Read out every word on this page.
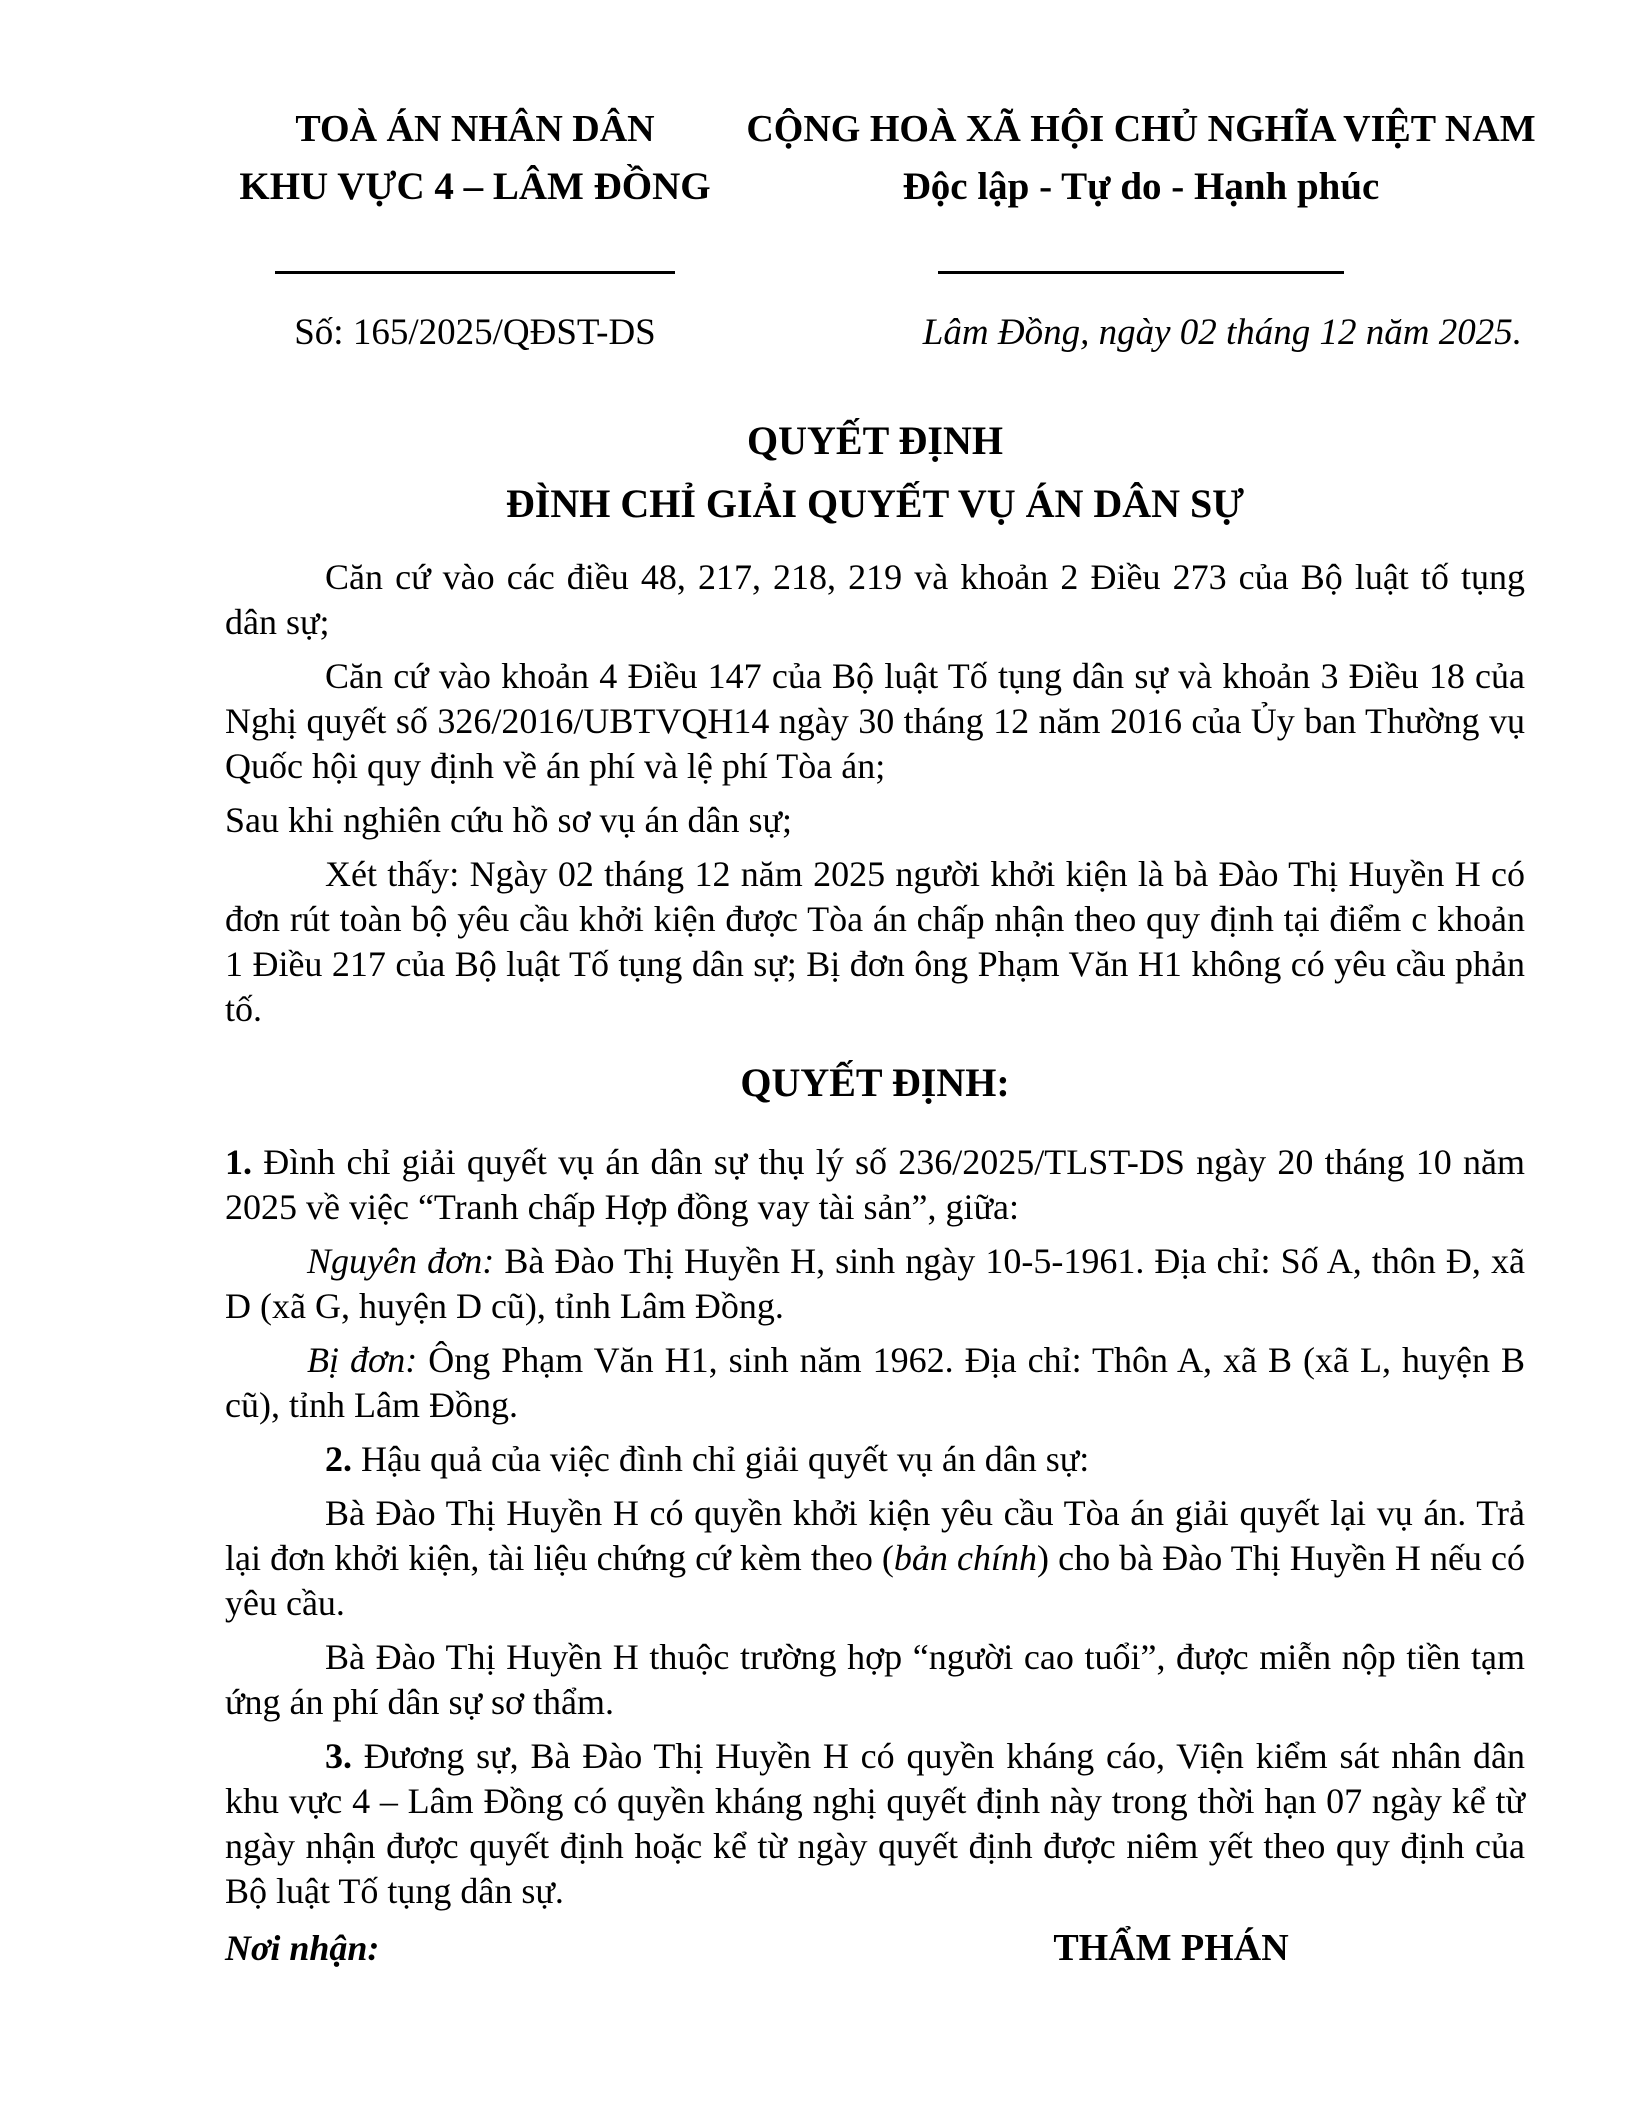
TOÀ ÁN NHÂN DÂN
KHU VỰC 4 – LÂM ĐỒNG
CỘNG HOÀ XÃ HỘI CHỦ NGHĨA VIỆT NAM
Độc lập - Tự do - Hạnh phúc
Số: 165/2025/QĐST-DS	Lâm Đồng, ngày 02 tháng 12 năm 2025.
QUYẾT ĐỊNH
ĐÌNH CHỈ GIẢI QUYẾT VỤ ÁN DÂN SỰ

Căn cứ vào các điều 48, 217, 218, 219 và khoản 2 Điều 273 của Bộ luật tố tụng dân sự;

Căn cứ vào khoản 4 Điều 147 của Bộ luật Tố tụng dân sự và khoản 3 Điều 18 của Nghị quyết số 326/2016/UBTVQH14 ngày 30 tháng 12 năm 2016 của Ủy ban Thường vụ Quốc hội quy định về án phí và lệ phí Tòa án;

Sau khi nghiên cứu hồ sơ vụ án dân sự;

Xét thấy: Ngày 02 tháng 12 năm 2025 người khởi kiện là bà Đào Thị Huyền H có đơn rút toàn bộ yêu cầu khởi kiện được Tòa án chấp nhận theo quy định tại điểm c khoản 1 Điều 217 của Bộ luật Tố tụng dân sự; Bị đơn ông Phạm Văn H1 không có yêu cầu phản tố.

QUYẾT ĐỊNH:

1. Đình chỉ giải quyết vụ án dân sự thụ lý số 236/2025/TLST-DS ngày 20 tháng 10 năm 2025 về việc “Tranh chấp Hợp đồng vay tài sản”, giữa:

Nguyên đơn: Bà Đào Thị Huyền H, sinh ngày 10-5-1961. Địa chỉ: Số A, thôn Đ, xã D (xã G, huyện D cũ), tỉnh Lâm Đồng.

Bị đơn: Ông Phạm Văn H1, sinh năm 1962. Địa chỉ: Thôn A, xã B (xã L, huyện B cũ), tỉnh Lâm Đồng.

2. Hậu quả của việc đình chỉ giải quyết vụ án dân sự:

Bà Đào Thị Huyền H có quyền khởi kiện yêu cầu Tòa án giải quyết lại vụ án. Trả lại đơn khởi kiện, tài liệu chứng cứ kèm theo (bản chính) cho bà Đào Thị Huyền H nếu có yêu cầu.

Bà Đào Thị Huyền H thuộc trường hợp “người cao tuổi”, được miễn nộp tiền tạm ứng án phí dân sự sơ thẩm.

3. Đương sự, Bà Đào Thị Huyền H có quyền kháng cáo, Viện kiểm sát nhân dân khu vực 4 – Lâm Đồng có quyền kháng nghị quyết định này trong thời hạn 07 ngày kể từ ngày nhận được quyết định hoặc kể từ ngày quyết định được niêm yết theo quy định của Bộ luật Tố tụng dân sự.

Nơi nhận:	THẨM PHÁN
